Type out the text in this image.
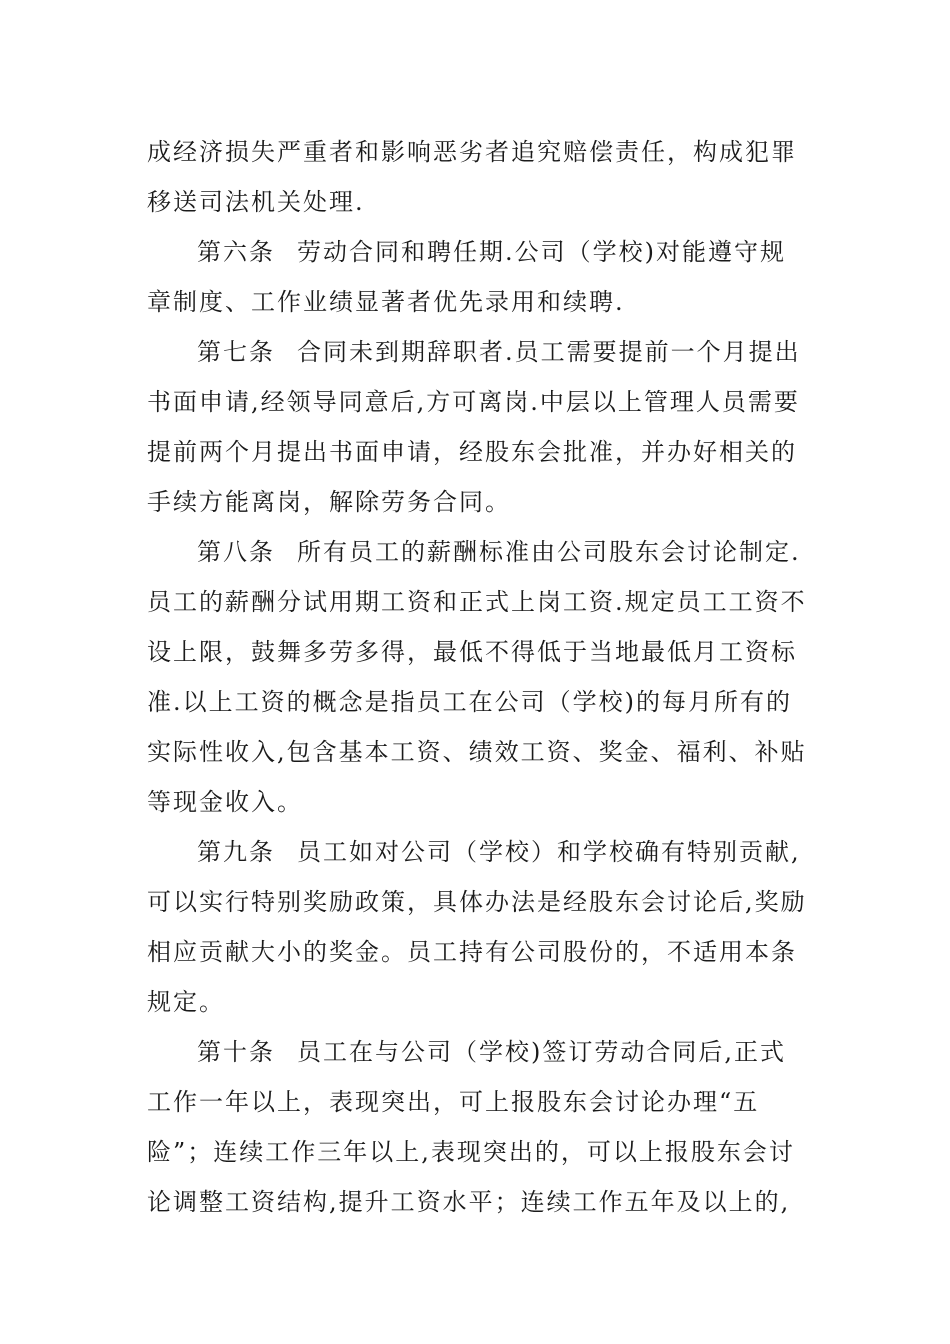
成经济损失严重者和影响恶劣者追究赔偿责任，构成犯罪
移送司法机关处理.
第六条 劳动合同和聘任期.公司（学校)对能遵守规
章制度、工作业绩显著者优先录用和续聘.
第七条 合同未到期辞职者.员工需要提前一个月提出
书面申请,经领导同意后,方可离岗.中层以上管理人员需要
提前两个月提出书面申请，经股东会批准，并办好相关的
手续方能离岗，解除劳务合同。
第八条 所有员工的薪酬标准由公司股东会讨论制定.
员工的薪酬分试用期工资和正式上岗工资.规定员工工资不
设上限，鼓舞多劳多得，最低不得低于当地最低月工资标
准.以上工资的概念是指员工在公司（学校)的每月所有的
实际性收入,包含基本工资、绩效工资、奖金、福利、补贴
等现金收入。
第九条 员工如对公司（学校）和学校确有特别贡献,
可以实行特别奖励政策，具体办法是经股东会讨论后,奖励
相应贡献大小的奖金。员工持有公司股份的，不适用本条
规定。
第十条 员工在与公司（学校)签订劳动合同后,正式
工作一年以上，表现突出，可上报股东会讨论办理“五
险”；连续工作三年以上,表现突出的，可以上报股东会讨
论调整工资结构,提升工资水平；连续工作五年及以上的,
